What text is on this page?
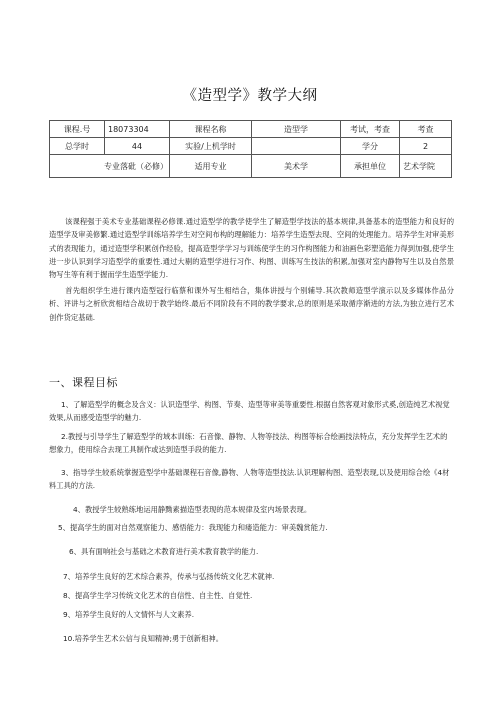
《造型学》教学大纲
课程.号	18073304	课程名称	造型学	考试，考查	考查
总学时	44	实验/上机学时		学分	2
专业落砒（必修）		适用专业	美术学	承担单位	艺术学院
该课程强于美术专业基础课程必修课.通过造型学的教学使学生了解造型学技法的基本规律,具备基本的造型能力和良好的造型学及审美修繁.通过造型学训练培养学生对空间布构的理解能力：培养学生造型去现、空间的处理能力。培养学生对审美形式的表现能力，通过造型学积累创作经验，提高造型学学习与训练使学生的习作构图能力和油画色彩塑造能力得到加强,使学生进一步认识到学习造型学的重要性.通过大剔的造型学进行习作、构图、训练写生技法的积累,加强对室内静物写生以及自然景物写生等有利于握而学生造型学能力.
首先组织学生进行课内造型冠行临蔡和课外写生相结合，集体讲授与个别辅导.其次教师造型学演示以及多媒体作品分析、评讲与之析欣赏相结合战切于教学始终.最后不同阶段有不同的教学要求,总的原则是采取循序渐进的方法,为独立进行艺术创作货定基础.
一、课程目标
1、了解造型学的概念及含义：认识造型学、构图、节奏、造型等审美等重要性.根据自然客观对象形式奚,创造纯艺术视觉效果,从而感受造型学的魅力.
2.教授与引导学生了解造型学的域本训练：石音像、静物、人物等技法、构图等标合绘画技法特点，充分发挥学生艺术的想象力，使用综合去现工具制作或达到造型手段的能力.
3、指导学生较系统掌握造型学中基础课程石音像,静物、人物等造型技法.认识理解构图、造型表现,以及使用综合绘《4材料工具的方法.
4、教授学生较熟练地运用静黝素描造型表现的范本规律及室内场景表现。
5、提高学生的面对自然观察能力、感悟能力：我现能力和瘘造能力：审美魏赏能力.
6、具有面响社会与基础之术教育进行美术教育教学的能力.
7、培养学生良好的艺术综合素养，传承与弘扬传统文化艺术就神.
8、提高学生学习传统文化艺术的自信性、自主性、自觉性.
9、培养学生良好的人文情怀与人文素养.
10.培养学生艺术公信与良知精神;勇于创新相神。
